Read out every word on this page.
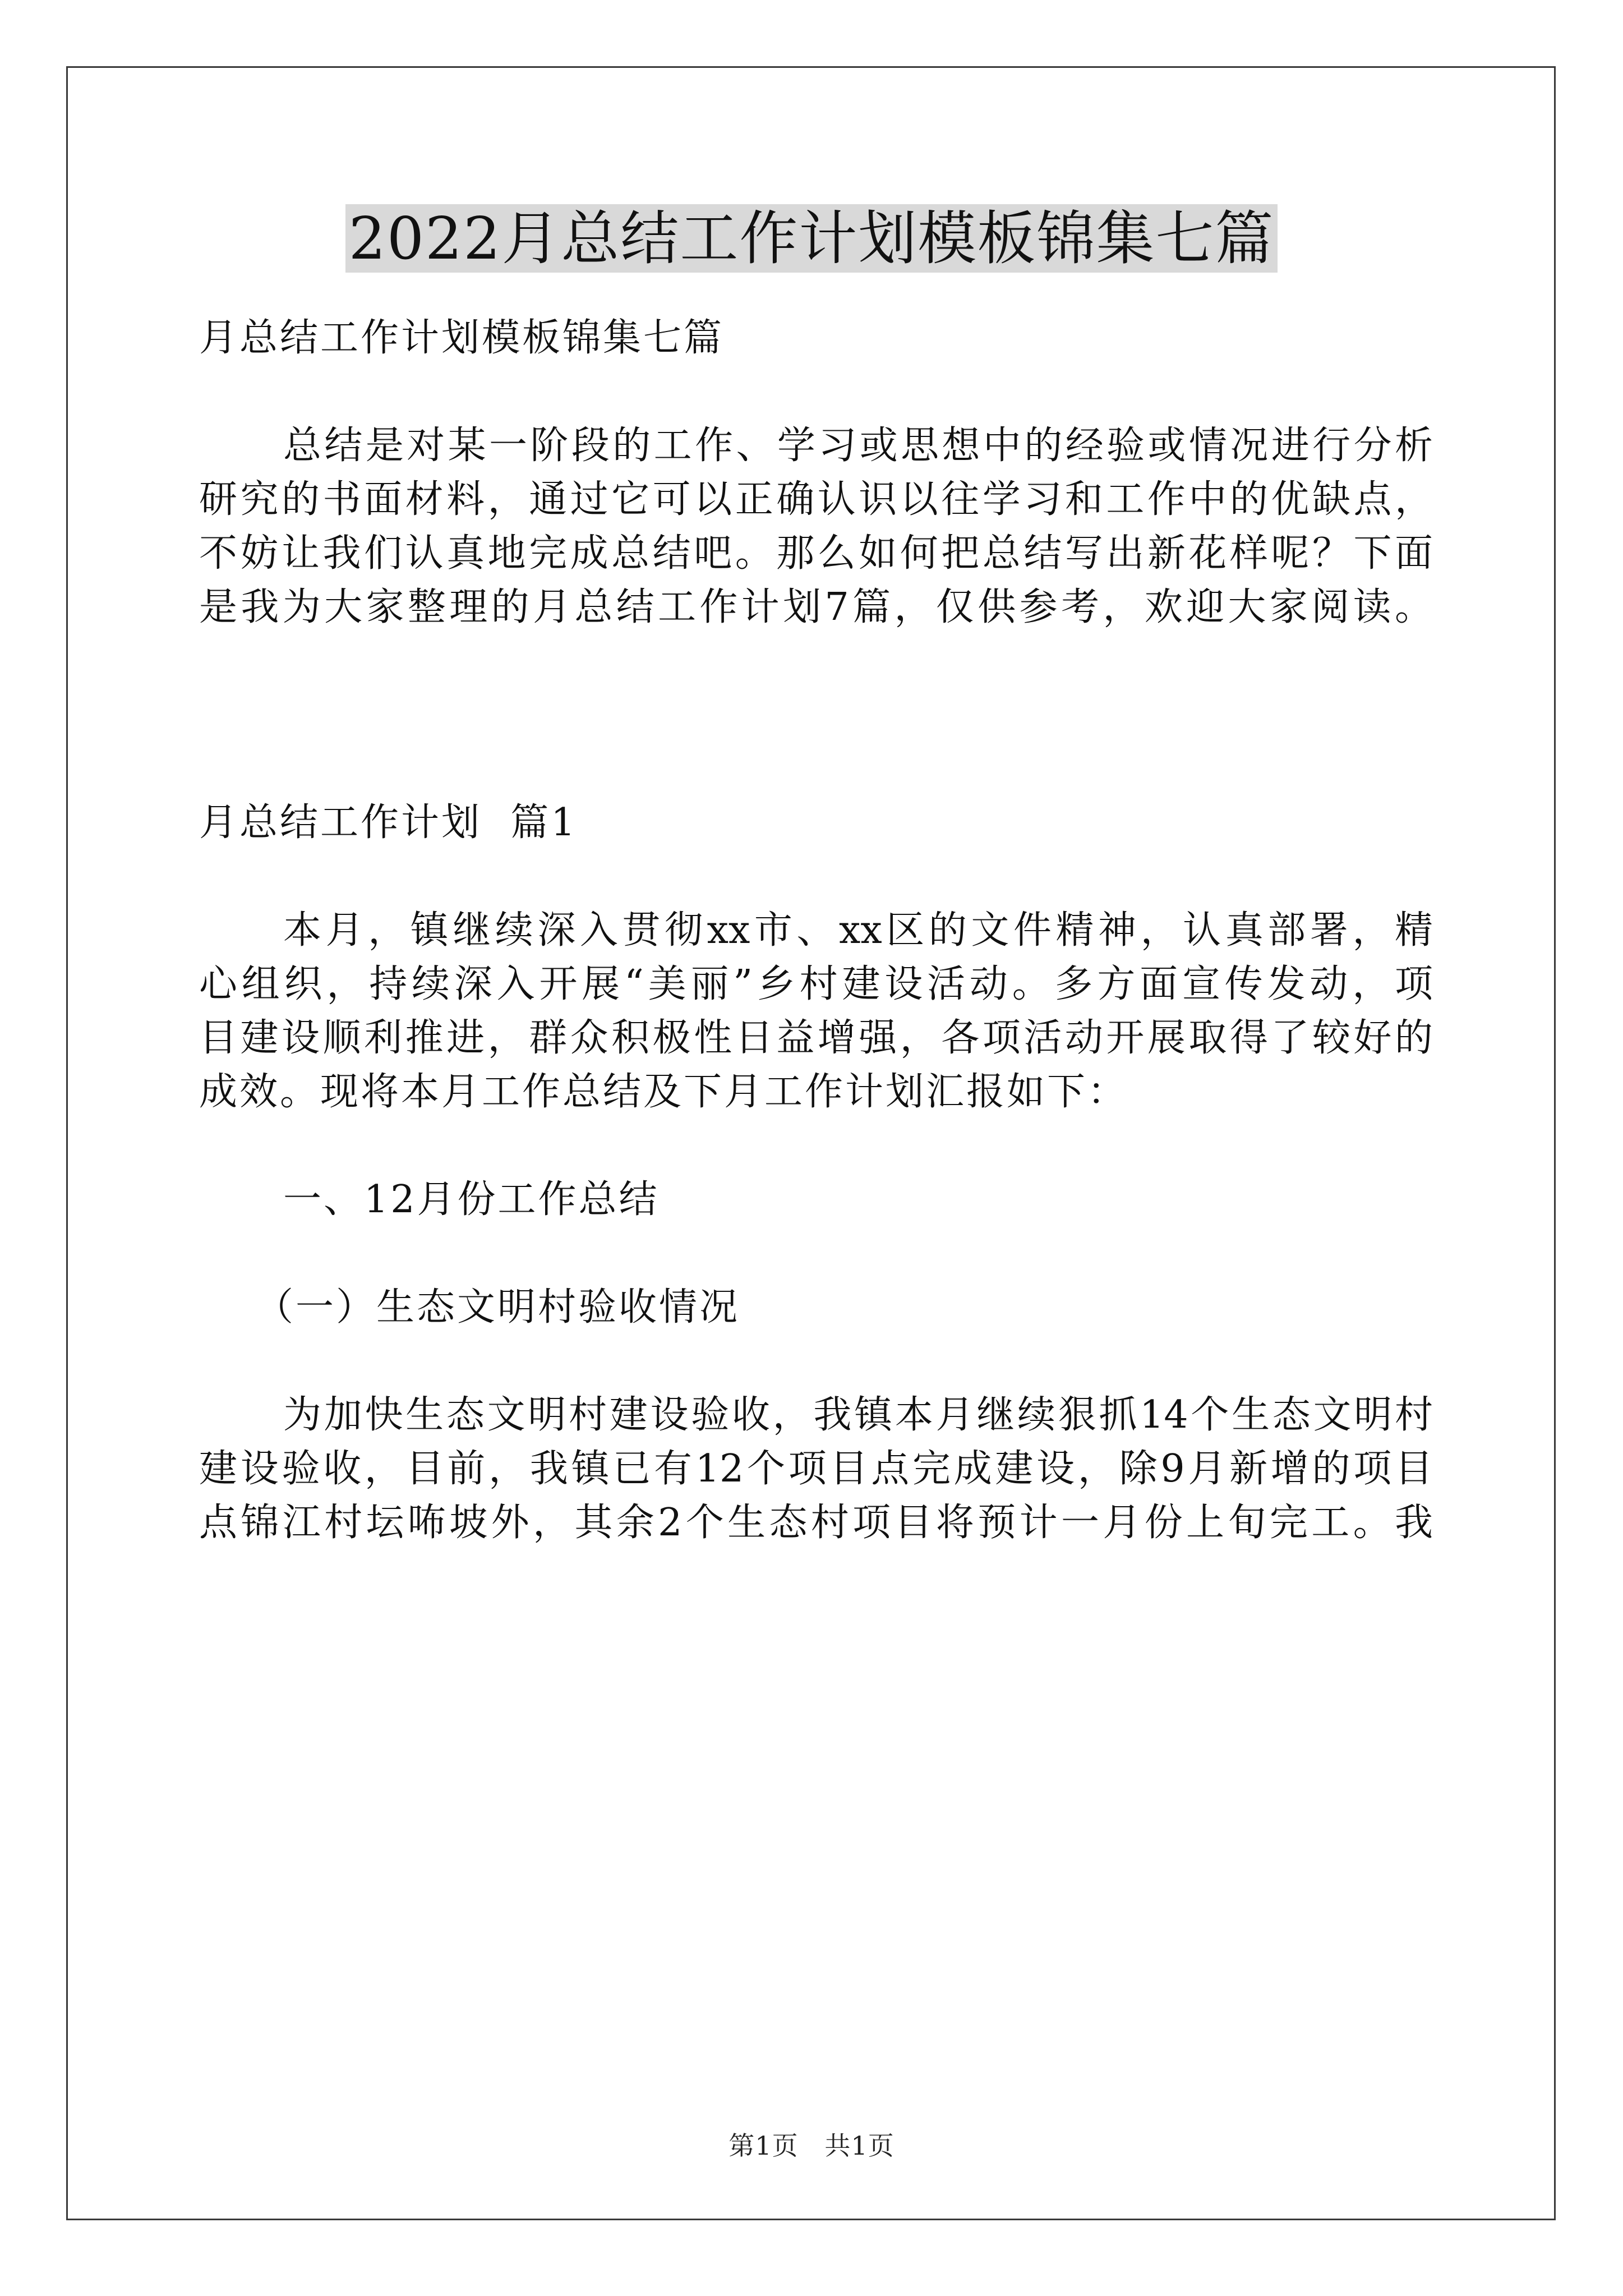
2022月总结工作计划模板锦集七篇
月总结工作计划模板锦集七篇
总结是对某一阶段的工作、学习或思想中的经验或情况进行分析
研究的书面材料，通过它可以正确认识以往学习和工作中的优缺点，
不妨让我们认真地完成总结吧。那么如何把总结写出新花样呢？下面
是我为大家整理的月总结工作计划7篇，仅供参考，欢迎大家阅读。
月总结工作计划  篇1
本月，镇继续深入贯彻xx市、xx区的文件精神，认真部署，精
心组织，持续深入开展“美丽”乡村建设活动。多方面宣传发动，项
目建设顺利推进，群众积极性日益增强，各项活动开展取得了较好的
成效。现将本月工作总结及下月工作计划汇报如下：
一、12月份工作总结
（一）生态文明村验收情况
为加快生态文明村建设验收，我镇本月继续狠抓14个生态文明村
建设验收，目前，我镇已有12个项目点完成建设，除9月新增的项目
点锦江村坛咘坡外，其余2个生态村项目将预计一月份上旬完工。我
第1页   共1页
